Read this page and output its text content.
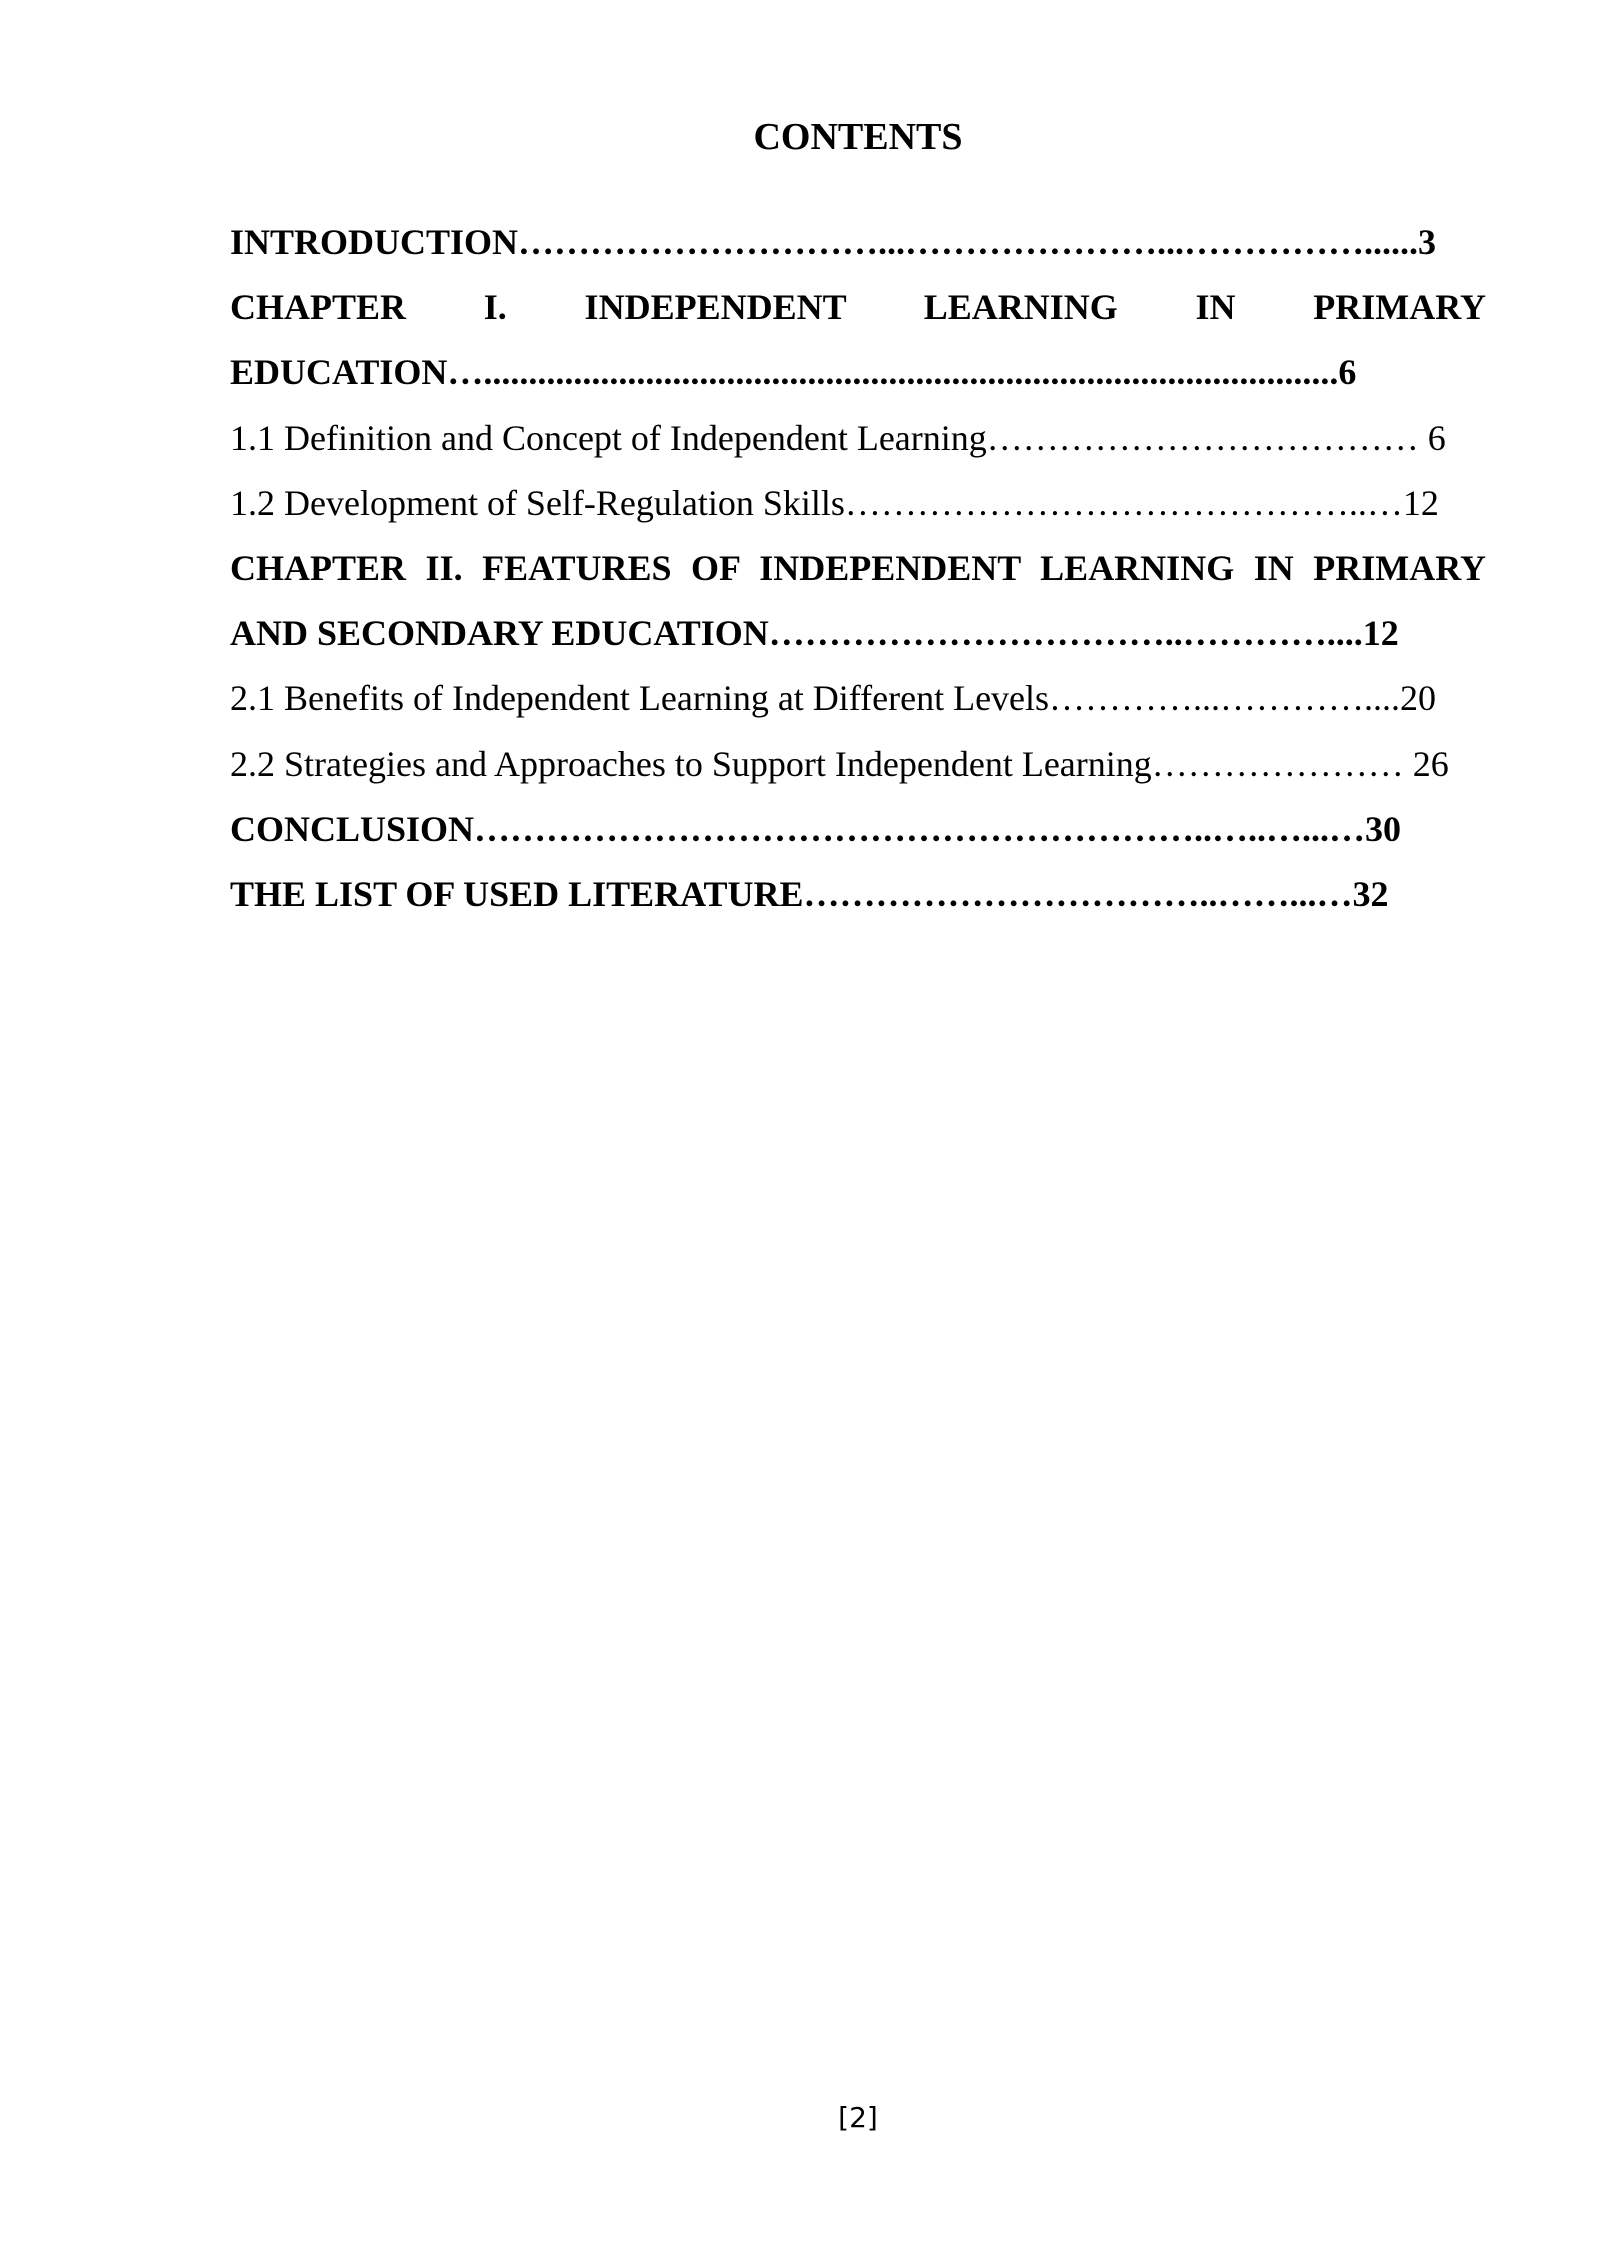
CONTENTS

INTRODUCTION…………………………...…………………...……………......3

CHAPTER I. INDEPENDENT LEARNING IN PRIMARY EDUCATION…...............................................................................................6

1.1 Definition and Concept of Independent Learning……………………………… 6

1.2 Development of Self-Regulation Skills……………………………………..…12

CHAPTER II. FEATURES OF INDEPENDENT LEARNING IN PRIMARY AND SECONDARY EDUCATION……………………………..…………....12

2.1 Benefits of Independent Learning at Different Levels…………...…………....20

2.2 Strategies and Approaches to Support Independent Learning………………… 26

CONCLUSION……………………………………………………..…..…...…30

THE LIST OF USED LITERATURE……………………………..……...…32

[2]
